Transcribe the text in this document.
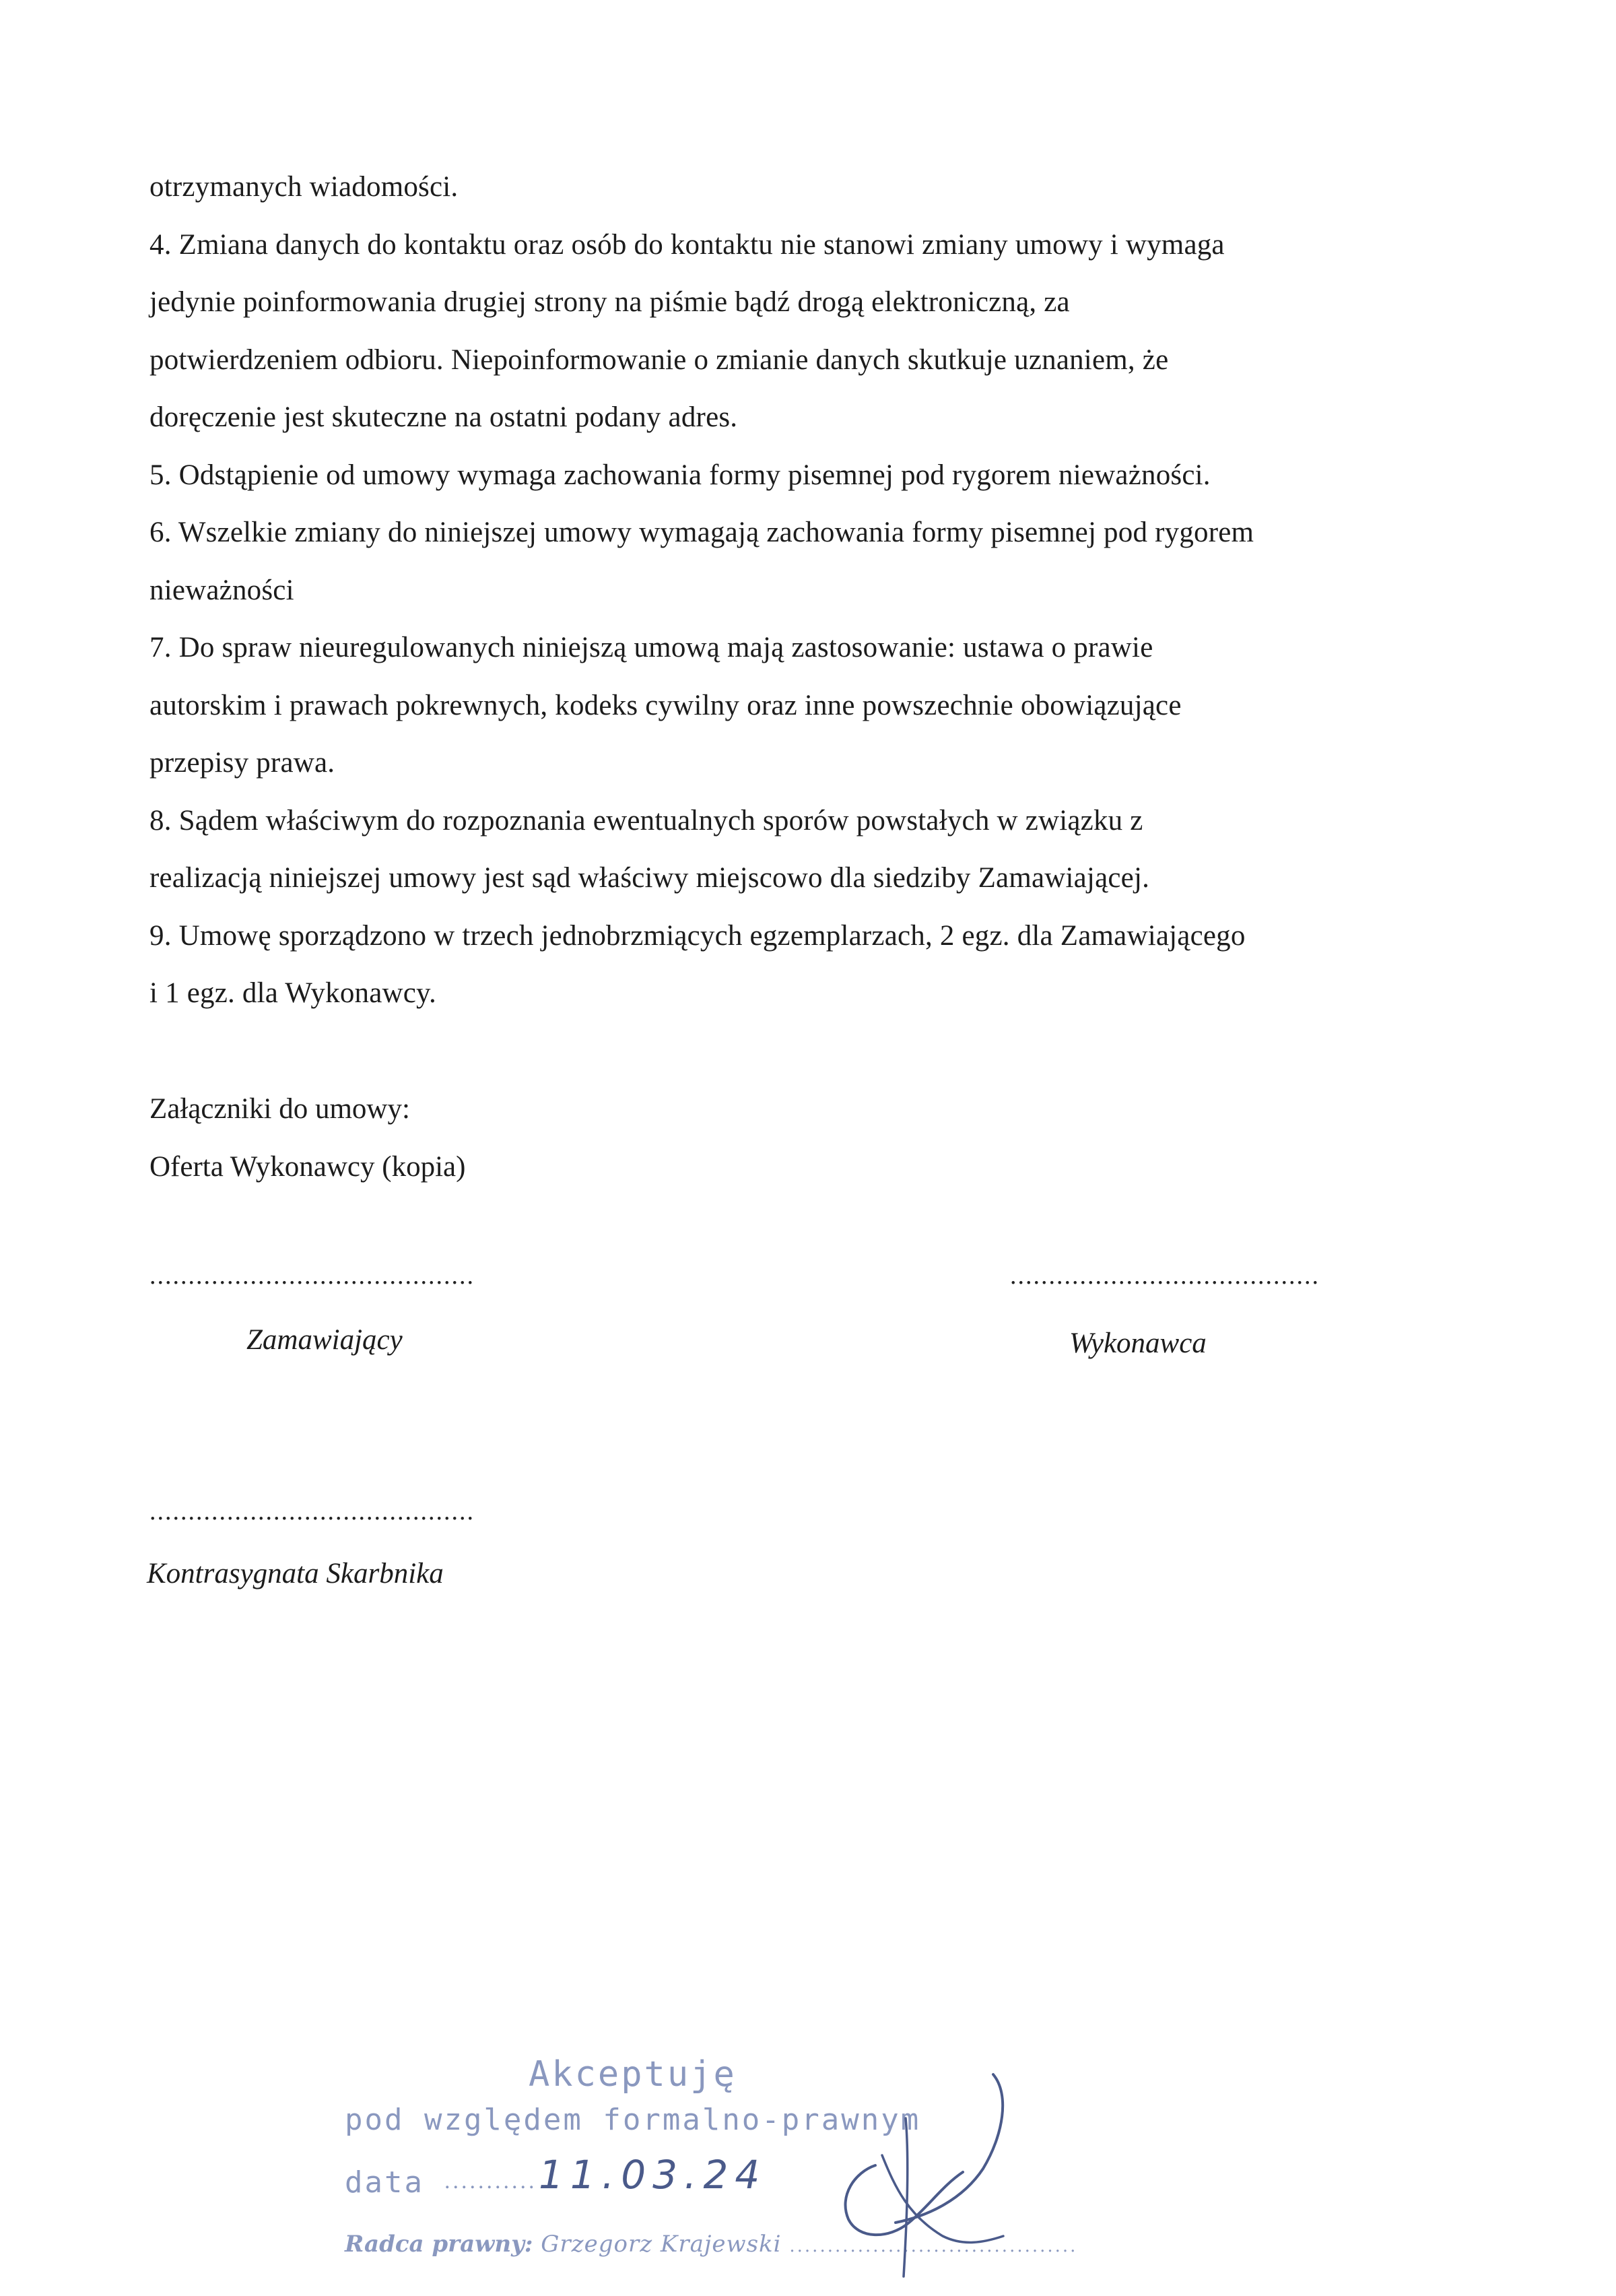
otrzymanych wiadomości.
4. Zmiana danych do kontaktu oraz osób do kontaktu nie stanowi zmiany umowy i wymaga
jedynie poinformowania drugiej strony na piśmie bądź drogą elektroniczną, za
potwierdzeniem odbioru. Niepoinformowanie o zmianie danych skutkuje uznaniem, że
doręczenie jest skuteczne na ostatni podany adres.
5. Odstąpienie od umowy wymaga zachowania formy pisemnej pod rygorem nieważności.
6. Wszelkie zmiany do niniejszej umowy wymagają zachowania formy pisemnej pod rygorem
nieważności
7. Do spraw nieuregulowanych niniejszą umową mają zastosowanie: ustawa o prawie
autorskim i prawach pokrewnych, kodeks cywilny oraz inne powszechnie obowiązujące
przepisy prawa.
8. Sądem właściwym do rozpoznania ewentualnych sporów powstałych w związku z
realizacją niniejszej umowy jest sąd właściwy miejscowo dla siedziby Zamawiającej.
9. Umowę sporządzono w trzech jednobrzmiących egzemplarzach, 2 egz. dla Zamawiającego
i 1 egz. dla Wykonawcy.
Załączniki do umowy:
Oferta Wykonawcy (kopia)
..........................................
Zamawiający
........................................
Wykonawca
..........................................
Kontrasygnata Skarbnika
Akceptuję
pod względem formalno-prawnym
data ........... 11.03.24
Radca prawny: Grzegorz Krajewski ......................................
